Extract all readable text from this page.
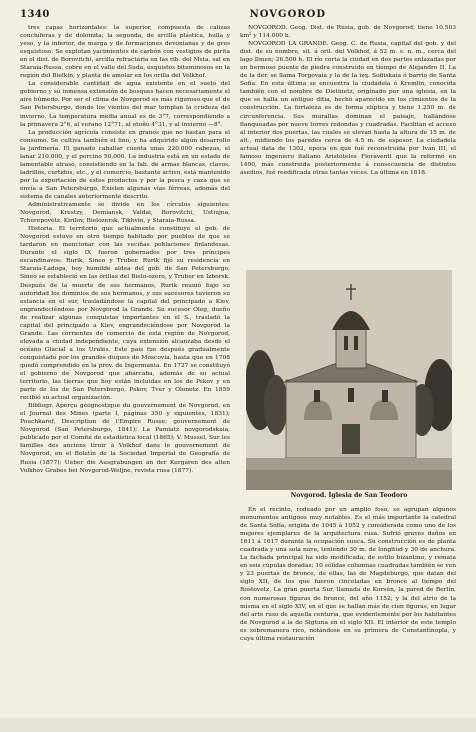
1340	NOVGOROD

tres capas horizontales: la superior, compuesta de calizas conchíferas y de dolomita; la segunda, de arcilla plástica, hulla y yeso, y la inferior, de marga y de formaciones devonianas y de gres esquistoso. Se explotan yacimientos de carbón con vestigios de pirita en el dist. de Borovitchi, arcilla refractaria en las rib. del Msta, sal en Staraia-Russa, cobre en el valle del Suda, esquistos bituminosos en la región del Bielkin, y planta de amolar en los orilla del Volkhof.

La considerable cantidad de agua existente en el suelo del gobierno y su inmensa extensión de bosques hacen necesariamente el aire húmedo. Por ser el clima de Novgorod es más riguroso que el de San Petersburgo, donde los vientos del mar templan la crudeza del invierno. La temperatura media anual es de 3°7, correspondiendo a la primavera 2°6, al verano 12°71, al otoño 4°31, y al invierno —8°.

La producción agrícola consiste en granos que no bastan para el consumo. Se cultiva también el lino, y ha adquirido algún desarrollo la jardinería. El ganado caballar cuenta unas 220.000 cabezas, el lanar 210.000, y el porcino 50.000. La industria está en un estado de lamentable atraso, consistiendo en la fab. de armas blancas, clavos, ladrillos, curtidos, etc., y el comercio, bastante activo, está mantenido por la exportación de estos productos y por la pesca y caza que se envía a San Petersburgo. Existen algunas vías férreas, además del sistema de canales anteriormente descrito.

Administrativamente se divide en los círculos siguientes: Novgorod, Krestzy, Demiansk, Valdai, Borovitchi, Ustiujna, Tcherepovetz, Kirilov, Bielozersk, Tikhvin, y Staraia-Russa.

Historia. El territorio que actualmente constituye el gob. de Novgorod estuvo en otro tiempo habitado por pueblos de que se tardaron en mencionar con las veciñas poblaciones finlandesas. Durante el siglo IX fueron gobernados por tres príncipes escandinavos: Rurik, Sineo y Truber. Rurik fijó su residencia en Staraia-Ladoga, hoy humilde aldea del gob. de San Petersburgo, Sineo se estableció en las orillas del Bielo-ozero, y Truber en Izborsk. Después de la muerte de sus hermanos, Rurik reunió bajo su autoridad los dominios de sus hermanos, y sus sucesores tuvieron su estancia en el sur, trasladándose la capital del principado a Kiev, engrandeciéndose por Novgorod la Grande. Su sucesor Oleg, dueño de realizar algunas conquistas importantes en el S., trasladó la capital del principado a Kiev, engrandeciéndose por Novgorod la Grande. Las corrientes de comercio de esta región de Novgorod, elevada a ciudad independiente, cuya extensión alcanzaba desde el océano Glacial a los Urales. Este país fue después gradualmente conquistado por los grandes duques de Moscovia, hasta que en 1708 quedó comprendido en la prov. de Ingermania. En 1727 se constituyó el gobierno de Novgorod que abarcaba, además de su actual territorio, las tierras que hoy están incluidas en los de Pskov y en parte de los de San Petersburgo, Pskov, Tver y Olonetz. En 1859 recibió su actual organización.

Bibliogr. Aperçu géognostique du gouvernement de Novgorod, en el Journal des Mines (parte I, páginas 350 y siguientes, 1831); Pouchkaref, Description de l'Empire Russe; gouvernement de Novgorod (San Petersburgo, 1841); La Pamiatz novgorodskaia, publicado por el Comité de estadística local (1865); V. Mussel, Sur les familles des anciens tiroir à Volkhof dans le gouvernement de Novgorod, en el Boletín de la Sociedad Imperial de Geografía de Rusia (1877); Ueber die Ausgrabungen an der Kurgaren des alten Volkhov Grabes bei Novgorod-Weljne, revista rusa (1877).

NOVGOROD. Geog. Dist. de Rusia, gob. de Novgorod; tiene 10.503 km² y 114.000 h.

NOVGOROD LA GRANDE. Geog. C. de Rusia, capital del gob. y del dist. de su nombre, sit. á oril. del Volkhof, á 52 m. s. n. m., cerca del lago Ilmen; 26.500 h. El río corta la ciudad en dos partes enlazadas por un hermoso puente de piedra construido en tiempo de Alejandro II. La de la der. se llama Torgovaia y la de la izq. Sofiiskaia ó barrio de Santa Sofía. En esta última se encuentra la ciudadela ó Kremlin, conocida también con el nombre de Dietinetz, originado por una iglesia, en la que se halla un antiguo ditia, hecho aparecido en los cimientos de la construcción. La fortaleza es de forma elíptica y tiene 1.250 m. de circunferencia. Sus murallas dominan el paisaje, hallándose flanqueadas por nueve torres redondas y cuadradas. Facilitan el acceso al interior dos puertas, las cuales se elevan hasta la altura de 15 m. de alt., midiendo los paredes cerca de 4.5 m. de espesor. La ciudadela actual data de 1302, epoca en que fué reconstruida por Ivan III, el famoso ingeniero italiano Aristóteles Fioraventi que la reformó en 1490, más construida posteriormente á consecuencia de distintos asedios, fué reedificada otras tantas veces. La última en 1818.

Novgorod. Iglesia de San Teodoro

En el recinto, rodeado por un amplio foso, se agrupan algunos monumentos antiguos muy notables. Es el más importante la catedral de Santa Sofía, erigida de 1045 á 1052 y considerada como uno de los mejores ejemplares de la arquitectura rusa. Sufrió graves daños en 1611 á 1617 durante la ocupación sueca. Su construcción es de planta cuadrada y una sola nave, teniendo 30 m. de longitud y 30 de anchura. La fachada principal ha sido modificada, de estilo bizantino, y remata en seis cúpulas doradas; 10 sólidas columnas cuadradas también se ven y 23 puertas de bronce, de ellas, las de Magdeburgo, que datan del siglo XII, de los que fueron cinceladas en bronce al tiempo del Rostovetz. La gran puerta Sur, llamada de Korsún, la pared de Berlín, con numerosas figuras de bronce, del año 1152; y la del atrio de la misma en el siglo XIV, en el que se hallan más de cien figuras, en lugar del arte ruso de aquella centuria, que evidentemente por los habitantes de Novgorod a la de Sigtuna en el siglo XII. El interior de este templo es sobremanera rico, notándose en su primera de Constantinopla, y cuya última restauración
